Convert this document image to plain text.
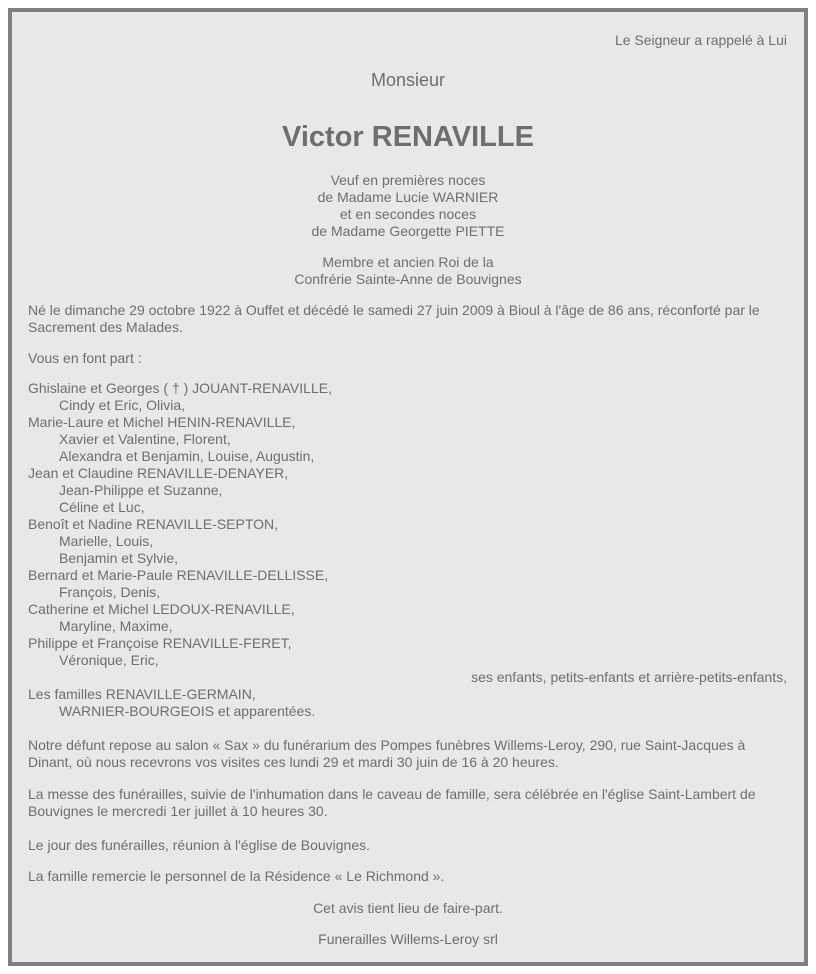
Le Seigneur a rappelé à Lui
Monsieur
Victor RENAVILLE
Veuf en premières noces
de Madame Lucie WARNIER
et en secondes noces
de Madame Georgette PIETTE
Membre et ancien Roi de la
Confrérie Sainte-Anne de Bouvignes
Né le dimanche 29 octobre 1922 à Ouffet et décédé le samedi 27 juin 2009 à Bioul à l'âge de 86 ans, réconforté par le Sacrement des Malades.
Vous en font part :
Ghislaine et Georges ( † ) JOUANT-RENAVILLE,
Cindy et Eric, Olivia,
Marie-Laure et Michel HENIN-RENAVILLE,
Xavier et Valentine, Florent,
Alexandra et Benjamin, Louise, Augustin,
Jean et Claudine RENAVILLE-DENAYER,
Jean-Philippe et Suzanne,
Céline et Luc,
Benoît et Nadine RENAVILLE-SEPTON,
Marielle, Louis,
Benjamin et Sylvie,
Bernard et Marie-Paule RENAVILLE-DELLISSE,
François, Denis,
Catherine et Michel LEDOUX-RENAVILLE,
Maryline, Maxime,
Philippe et Françoise RENAVILLE-FERET,
Véronique, Eric,
ses enfants, petits-enfants et arrière-petits-enfants,
Les familles RENAVILLE-GERMAIN,
WARNIER-BOURGEOIS et apparentées.
Notre défunt repose au salon « Sax » du funérarium des Pompes funèbres Willems-Leroy, 290, rue Saint-Jacques à Dinant, où nous recevrons vos visites ces lundi 29 et mardi 30 juin de 16 à 20 heures.
La messe des funérailles, suivie de l'inhumation dans le caveau de famille, sera célébrée en l'église Saint-Lambert de Bouvignes le mercredi 1er juillet à 10 heures 30.
Le jour des funérailles, réunion à l'église de Bouvignes.
La famille remercie le personnel de la Résidence « Le Richmond ».
Cet avis tient lieu de faire-part.
Funerailles Willems-Leroy srl
